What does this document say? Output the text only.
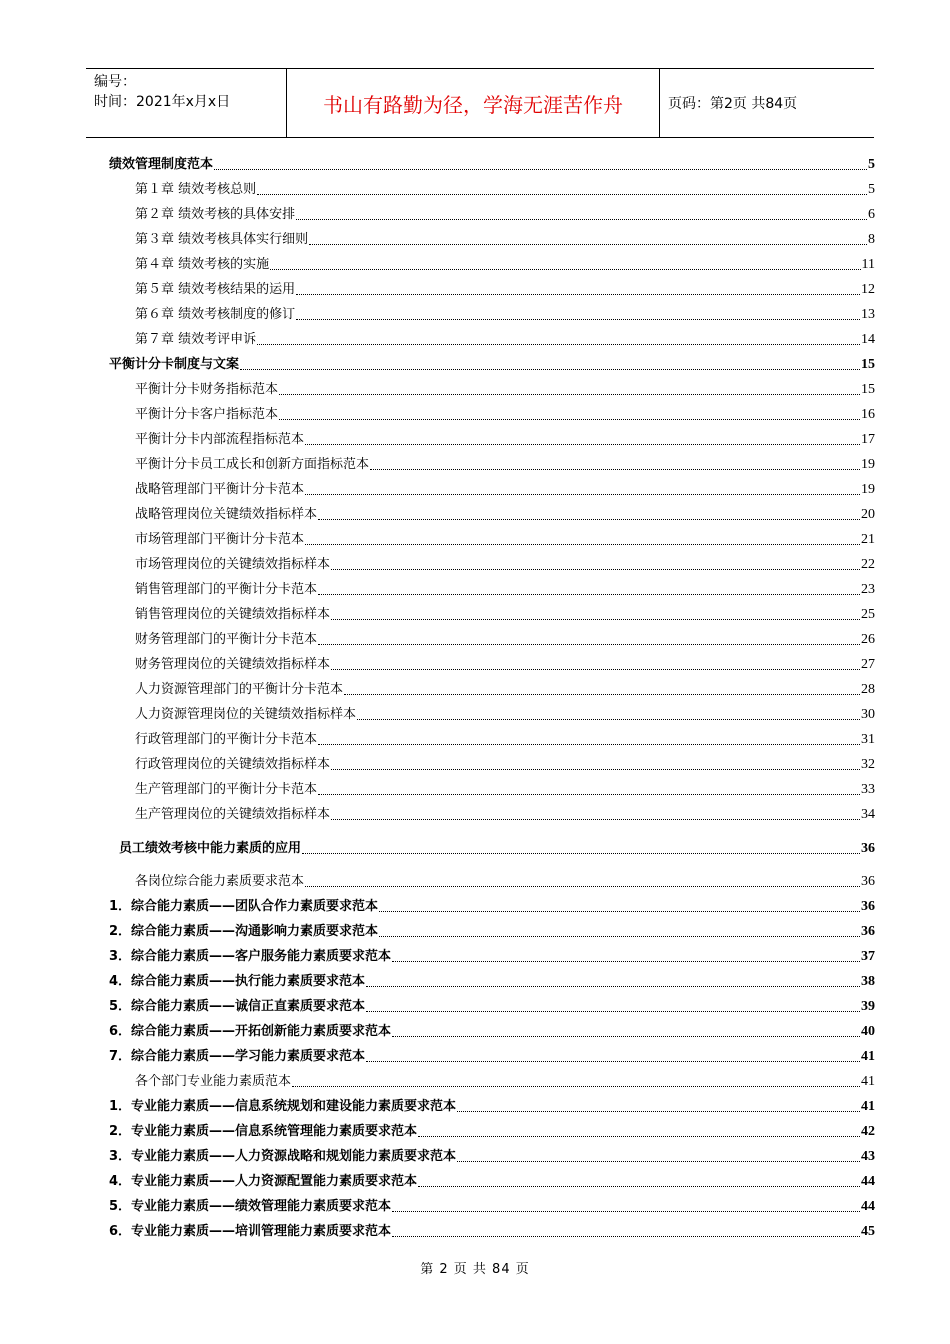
编号：
时间：2021年x月x日	书山有路勤为径，学海无涯苦作舟	页码：第2页 共84页
绩效管理制度范本	5
第１章 绩效考核总则	5
第２章 绩效考核的具体安排	6
第３章 绩效考核具体实行细则	8
第４章 绩效考核的实施	11
第５章 绩效考核结果的运用	12
第６章 绩效考核制度的修订	13
第７章 绩效考评申诉	14
平衡计分卡制度与文案	15
平衡计分卡财务指标范本	15
平衡计分卡客户指标范本	16
平衡计分卡内部流程指标范本	17
平衡计分卡员工成长和创新方面指标范本	19
战略管理部门平衡计分卡范本	19
战略管理岗位关键绩效指标样本	20
市场管理部门平衡计分卡范本	21
市场管理岗位的关键绩效指标样本	22
销售管理部门的平衡计分卡范本	23
销售管理岗位的关键绩效指标样本	25
财务管理部门的平衡计分卡范本	26
财务管理岗位的关键绩效指标样本	27
人力资源管理部门的平衡计分卡范本	28
人力资源管理岗位的关键绩效指标样本	30
行政管理部门的平衡计分卡范本	31
行政管理岗位的关键绩效指标样本	32
生产管理部门的平衡计分卡范本	33
生产管理岗位的关键绩效指标样本	34
员工绩效考核中能力素质的应用	36
各岗位综合能力素质要求范本	36
1．综合能力素质——团队合作力素质要求范本	36
2．综合能力素质——沟通影响力素质要求范本	36
3．综合能力素质——客户服务能力素质要求范本	37
4．综合能力素质——执行能力素质要求范本	38
5．综合能力素质——诚信正直素质要求范本	39
6．综合能力素质——开拓创新能力素质要求范本	40
7．综合能力素质——学习能力素质要求范本	41
各个部门专业能力素质范本	41
1．专业能力素质——信息系统规划和建设能力素质要求范本	41
2．专业能力素质——信息系统管理能力素质要求范本	42
3．专业能力素质——人力资源战略和规划能力素质要求范本	43
4．专业能力素质——人力资源配置能力素质要求范本	44
5．专业能力素质——绩效管理能力素质要求范本	44
6．专业能力素质——培训管理能力素质要求范本	45
第 2 页 共 84 页
